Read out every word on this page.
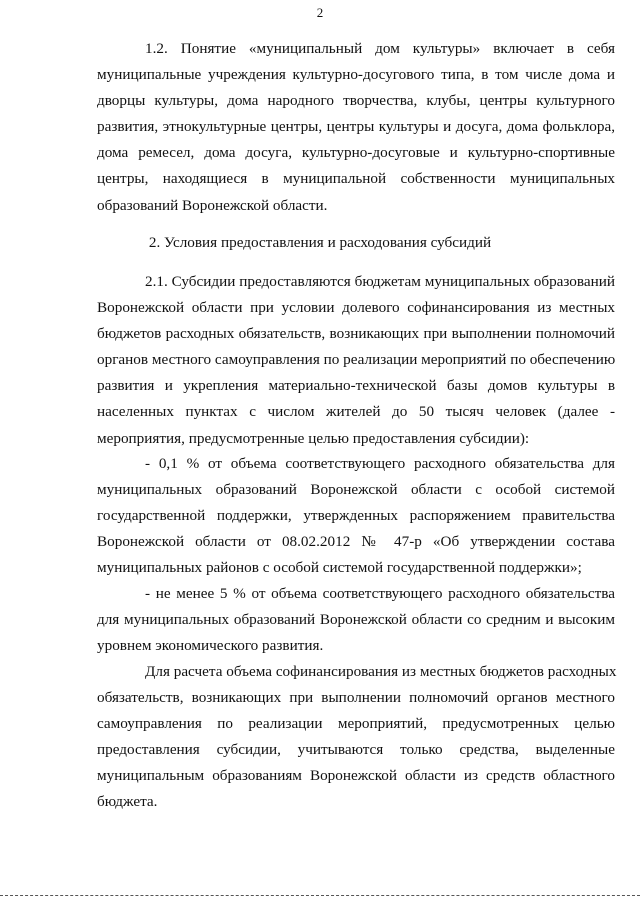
2

1.2. Понятие «муниципальный дом культуры» включает в себя
муниципальные учреждения культурно-досугового типа, в том числе дома и
дворцы культуры, дома народного творчества, клубы, центры культурного
развития, этнокультурные центры, центры культуры и досуга, дома фольклора,
дома ремесел, дома досуга, культурно-досуговые и культурно-спортивные
центры, находящиеся в муниципальной собственности муниципальных
образований Воронежской области.

2. Условия предоставления и расходования субсидий

2.1. Субсидии предоставляются бюджетам муниципальных образований
Воронежской области при условии долевого софинансирования из местных
бюджетов расходных обязательств, возникающих при выполнении полномочий
органов местного самоуправления по реализации мероприятий по обеспечению
развития и укрепления материально-технической базы домов культуры в
населенных пунктах с числом жителей до 50 тысяч человек (далее -
мероприятия, предусмотренные целью предоставления субсидии):

- 0,1 % от объема соответствующего расходного обязательства для
муниципальных образований Воронежской области с особой системой
государственной поддержки, утвержденных распоряжением правительства
Воронежской области от 08.02.2012 № 47-р «Об утверждении состава
муниципальных районов с особой системой государственной поддержки»;

- не менее 5 % от объема соответствующего расходного обязательства
для муниципальных образований Воронежской области со средним и высоким
уровнем экономического развития.

Для расчета объема софинансирования из местных бюджетов расходных
обязательств, возникающих при выполнении полномочий органов местного
самоуправления по реализации мероприятий, предусмотренных целью
предоставления субсидии, учитываются только средства, выделенные
муниципальным образованиям Воронежской области из средств областного
бюджета.
